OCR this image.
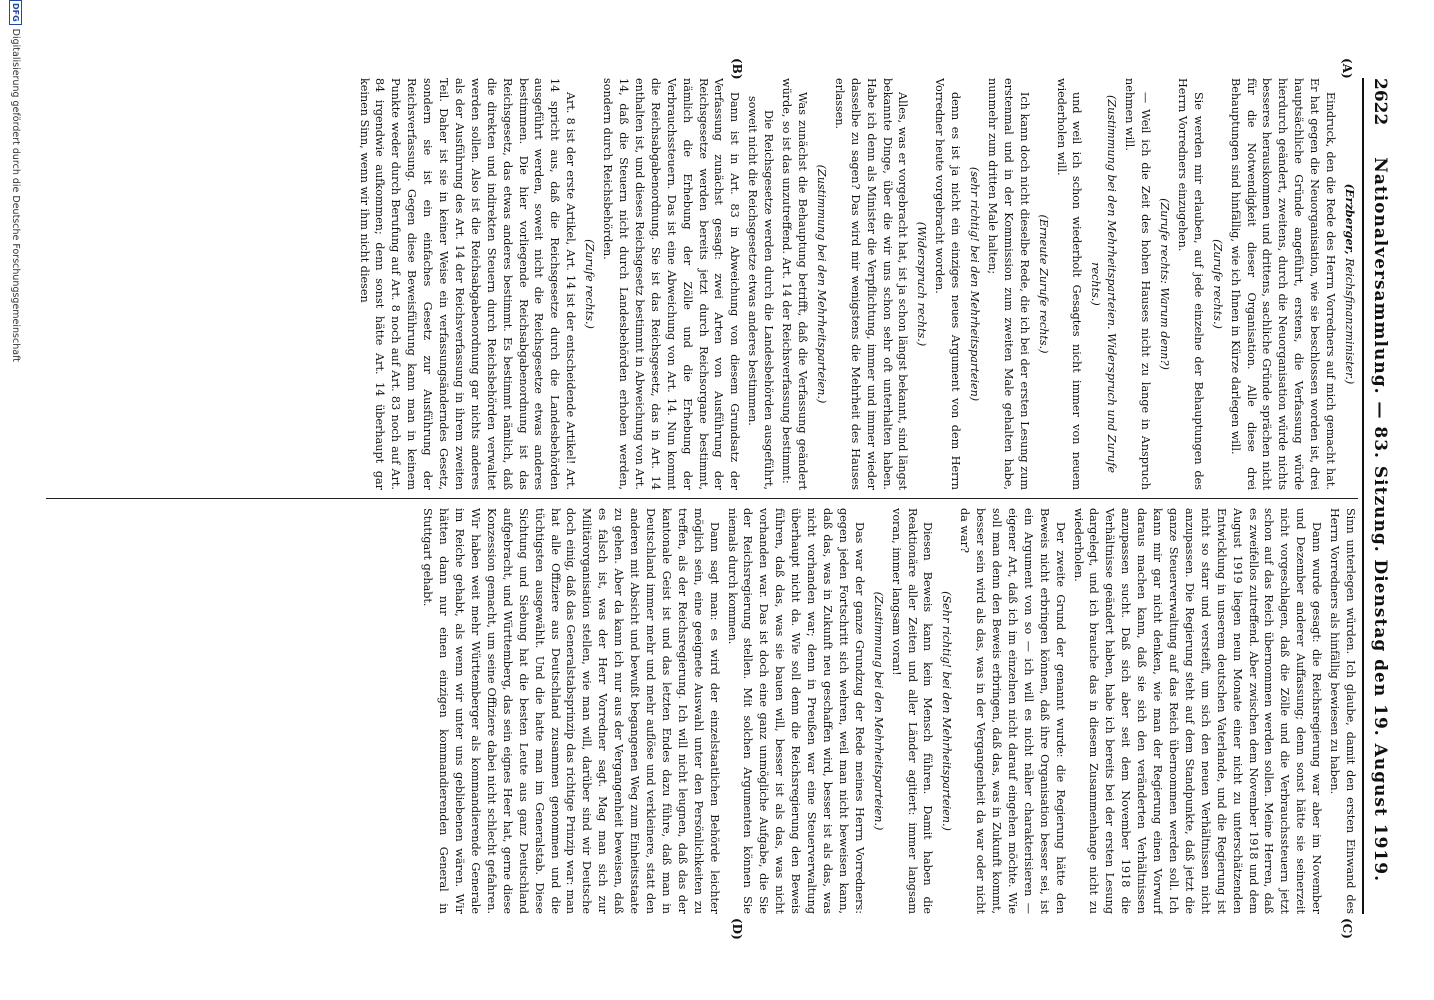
2622
Nationalversammlung. — 83. Sitzung. Dienstag den 19. August 1919.
(A)
(B)
(C)
(D)

(Erzberger, Reichsfinanzminister.)

Eindruck, den die Rede des Herrn Vorredners auf mich gemacht hat. Er hat gegen die Neuorganisation, wie sie beschlossen worden ist, drei hauptsächliche Gründe angeführt, erstens, die Verfassung würde hierdurch geändert, zweitens, durch die Neuorganisation würde nichts besseres herauskommen und drittens, sachliche Gründe sprächen nicht für die Notwendigkeit dieser Organisation. Alle diese drei Behauptungen sind hinfällig, wie ich Ihnen in Kürze darlegen will.

(Zurufe rechts.)

Sie werden mir erlauben, auf jede einzelne der Behauptungen des Herrn Vorredners einzugehen.

(Zurufe rechts: Warum denn?)

— Weil ich die Zeit des hohen Hauses nicht zu lange in Anspruch nehmen will.

(Zustimmung bei den Mehrheitsparteien. Widerspruch und Zurufe rechts.)

und weil ich schon wiederholt Gesagtes nicht immer von neuem wiederholen will.

(Erneute Zurufe rechts.)

Ich kann doch nicht dieselbe Rede, die ich bei der ersten Lesung zum erstenmal und in der Kommission zum zweiten Male gehalten habe, nunmehr zum dritten Male halten;

(sehr richtig! bei den Mehrheitsparteien)

denn es ist ja nicht ein einziges neues Argument von dem Herrn Vorredner heute vorgebracht worden.

(Widerspruch rechts.)

Alles, was er vorgebracht hat, ist ja schon längst bekannt, sind längst bekannte Dinge, über die wir uns schon sehr oft unterhalten haben. Habe ich denn als Minister die Verpflichtung, immer und immer wieder dasselbe zu sagen? Das wird mir wenigstens die Mehrheit des Hauses erlassen.

(Zustimmung bei den Mehrheitsparteien.)

Was zunächst die Behauptung betrifft, daß die Verfassung geändert würde, so ist das unzutreffend. Art. 14 der Reichsverfassung bestimmt:

Die Reichsgesetze werden durch die Landesbehörden ausgeführt, soweit nicht die Reichsgesetze etwas anderes bestimmen.

Dann ist in Art. 83 in Abweichung von diesem Grundsatz der Verfassung zunächst gesagt: zwei Arten von Ausführung der Reichsgesetze werden bereits jetzt durch Reichsorgane bestimmt, nämlich die Erhebung der Zölle und die Erhebung der Verbrauchssteuern. Das ist eine Abweichung von Art. 14. Nun kommt die Reichsabgabenordnung. Sie ist das Reichsgesetz, das in Art. 14 enthalten ist, und dieses Reichsgesetz bestimmt in Abweichung von Art. 14, daß die Steuern nicht durch Landesbehörden erhoben werden, sondern durch Reichsbehörden.

(Zurufe rechts.)

Art. 8 ist der erste Artikel, Art. 14 ist der entscheidende Artikel! Art. 14 spricht aus, daß die Reichsgesetze durch die Landesbehörden ausgeführt werden, soweit nicht die Reichsgesetze etwas anderes bestimmen. Die hier vorliegende Reichsabgabenordnung ist das Reichsgesetz, das etwas anderes bestimmt. Es bestimmt nämlich, daß die direkten und indirekten Steuern durch Reichsbehörden verwaltet werden sollen. Also ist die Reichsabgabenordnung gar nichts anderes als der Ausführung des Art. 14 der Reichsverfassung in ihrem zweiten Teil. Daher ist sie in keiner Weise ein verfassungsänderndes Gesetz, sondern sie ist ein einfaches Gesetz zur Ausführung der Reichsverfassung. Gegen diese Beweisführung kann man in keinem Punkte weder durch Berufung auf Art. 8 noch auf Art. 83 noch auf Art. 84 irgendwie aufkommen; denn sonst hätte Art. 14 überhaupt gar keinen Sinn, wenn wir ihm nicht diesen

Sinn unterlegen würden. Ich glaube, damit den ersten Einwand des Herrn Vorredners als hinfällig bewiesen zu haben.

Dann wurde gesagt: die Reichsregierung war aber im November und Dezember anderer Auffassung; denn sonst hätte sie seinerzeit nicht vorgeschlagen, daß die Zölle und die Verbrauchssteuern jetzt schon auf das Reich übernommen werden sollen. Meine Herren, daß es zweifellos zutreffend. Aber zwischen dem November 1918 und dem August 1919 liegen neun Monate einer nicht zu unterschätzenden Entwicklung in unserem deutschen Vaterlande, und die Regierung ist nicht so starr und versteift, um sich den neuen Verhältnissen nicht anzupassen. Die Regierung steht auf dem Standpunkte, daß jetzt die ganze Steuerverwaltung auf das Reich übernommen werden soll. Ich kann mir gar nicht denken, wie man der Regierung einen Vorwurf daraus machen kann, daß sie sich den veränderten Verhältnissen anzupassen sucht. Daß sich aber seit dem November 1918 die Verhältnisse geändert haben, habe ich bereits bei der ersten Lesung dargelegt, und ich brauche das in diesem Zusammenhange nicht zu wiederholen.

Der zweite Grund der genannt wurde: die Regierung hätte den Beweis nicht erbringen können, daß ihre Organisation besser sei, ist ein Argument von so — ich will es nicht näher charakterisieren — eigener Art, daß ich im einzelnen nicht darauf eingehen möchte. Wie soll man denn den Beweis erbringen, daß das, was in Zukunft kommt, besser sein wird als das, was in der Vergangenheit da war oder nicht da war?

(Sehr richtig! bei den Mehrheitsparteien.)

Diesen Beweis kann kein Mensch führen. Damit haben die Reaktionäre aller Zeiten und aller Länder agitiert: immer langsam voran, immer langsam voran!

(Zustimmung bei den Mehrheitsparteien.)

Das war der ganze Grundzug der Rede meines Herrn Vorredners: gegen jeden Fortschritt sich wehren, weil man nicht beweisen kann, daß das, was in Zukunft neu geschaffen wird, besser ist als das, was nicht vorhanden war; denn in Preußen war eine Steuerverwaltung überhaupt nicht da. Wie soll denn die Reichsregierung den Beweis führen, daß das, was sie bauen will, besser ist als das, was nicht vorhanden war. Das ist doch eine ganz unmögliche Aufgabe, die Sie der Reichsregierung stellen. Mit solchen Argumenten können Sie niemals durch kommen.

Dann sagt man: es wird der einzelstaatlichen Behörde leichter möglich sein, eine geeignete Auswahl unter den Persönlichkeiten zu treffen, als der Reichsregierung. Ich will nicht leugnen, daß das der kantonale Geist ist und das letzten Endes dazu führe, daß man in Deutschland immer mehr und mehr auflöse und verkleinere, statt den anderen mit Absicht und bewußt begangenen Weg zum Einheitsstaate zu gehen. Aber da kann ich nur aus der Vergangenheit beweisen, daß es falsch ist, was der Herr Vorredner sagt. Mag man sich zur Militärorganisation stellen, wie man will, darüber sind wir Deutsche doch einig, daß das Generalstabsprinzip das richtige Prinzip war: man hat alle Offiziere aus Deutschland zusammen genommen und die tüchtigsten ausgewählt. Und die hatte man im Generalstab. Diese Sichtung und Siebung hat die besten Leute aus ganz Deutschland aufgebracht, und Württemberg, das sein eignes Heer hat, gerne diese Konzession gemacht, um seine Offiziere dabei nicht schlecht gefahren. Wir haben weit mehr Württemberger als kommandierende Generale im Reiche gehabt, als wenn wir unter uns gebliebenen wären. Wir hätten dann nur einen einzigen kommandierenden General in Stuttgart gehabt.

DFG
Digitalisierung gefördert durch die Deutsche Forschungsgemeinschaft
